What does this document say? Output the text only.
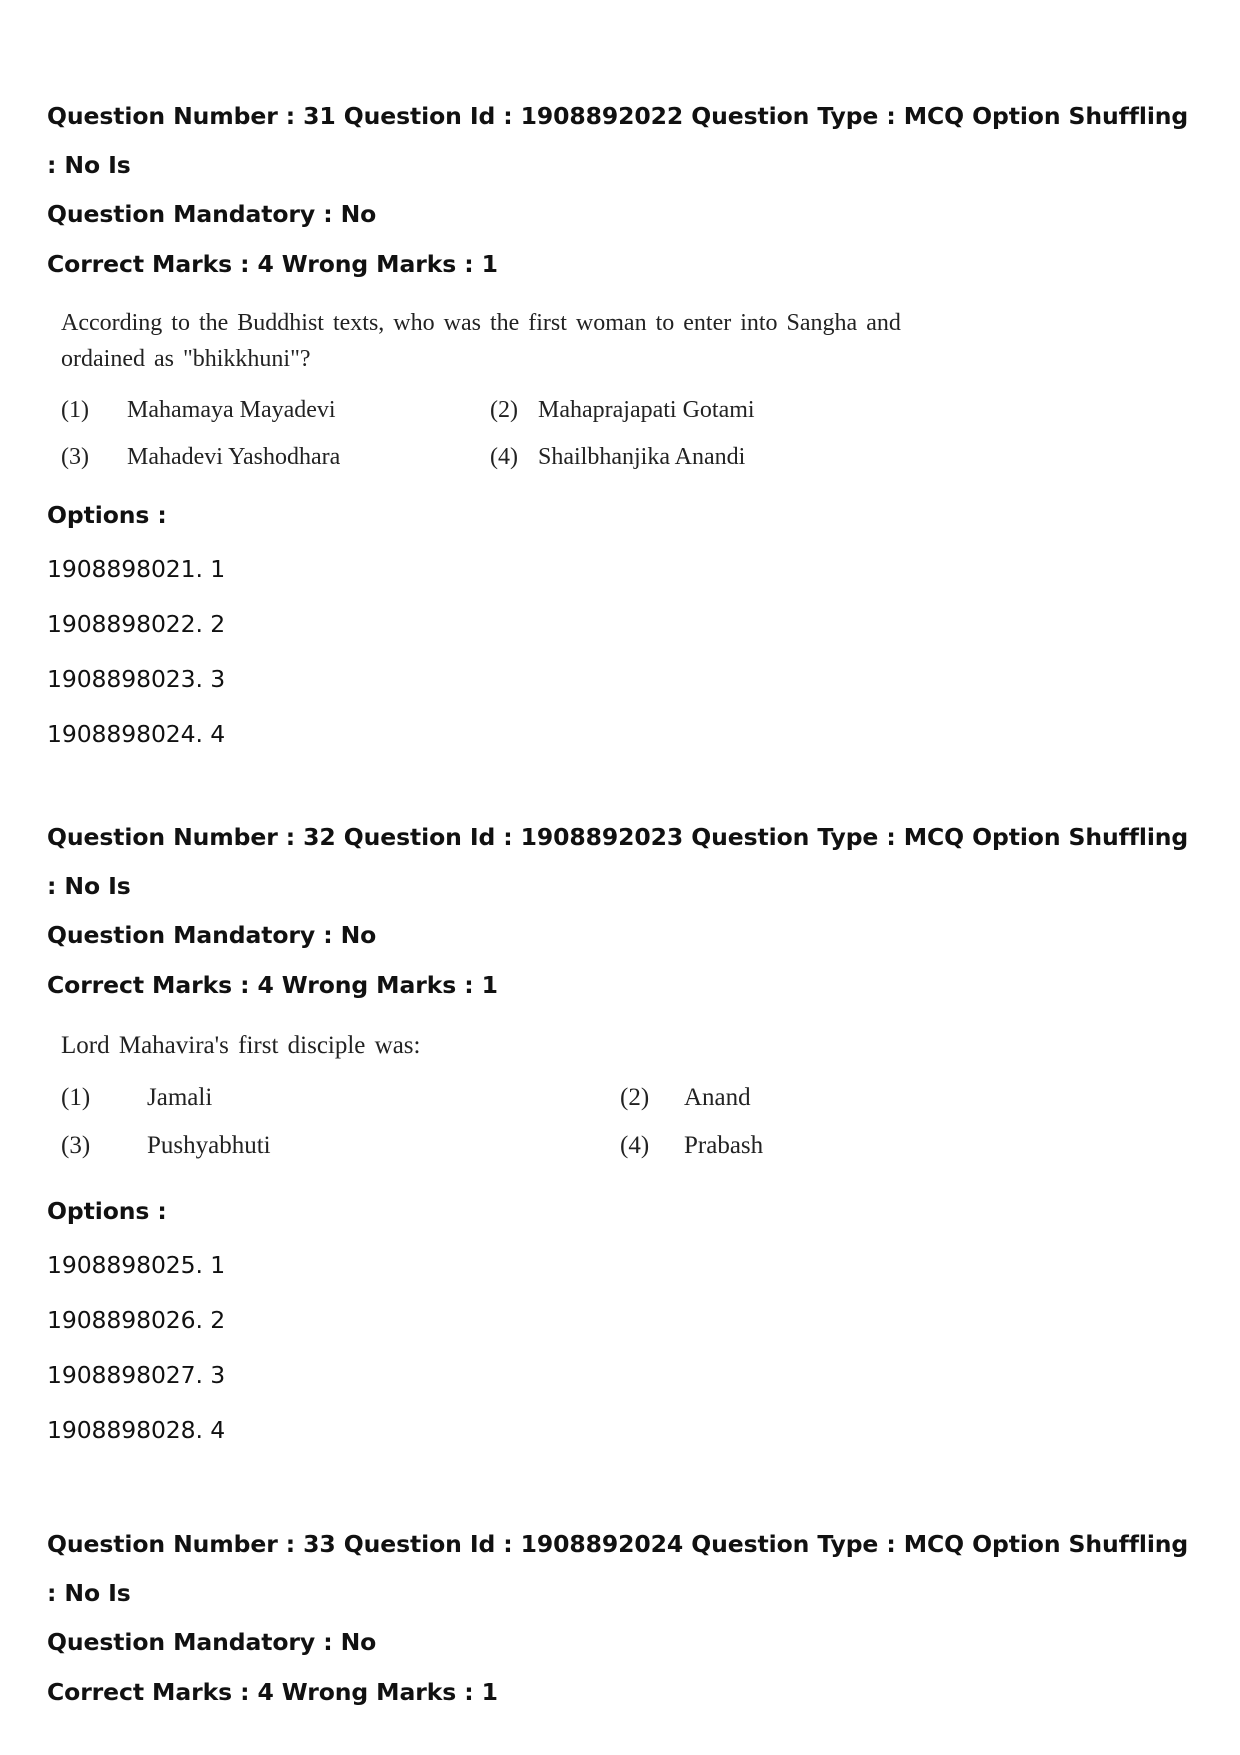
Question Number : 31 Question Id : 1908892022 Question Type : MCQ Option Shuffling : No Is
Question Mandatory : No
Correct Marks : 4 Wrong Marks : 1
According to the Buddhist texts, who was the first woman to enter into Sangha and
ordained as "bhikkhuni"?
(1) Mahamaya Mayadevi	(2) Mahaprajapati Gotami
(3) Mahadevi Yashodhara	(4) Shailbhanjika Anandi
Options :
1908898021. 1
1908898022. 2
1908898023. 3
1908898024. 4
Question Number : 32 Question Id : 1908892023 Question Type : MCQ Option Shuffling : No Is
Question Mandatory : No
Correct Marks : 4 Wrong Marks : 1
Lord Mahavira's first disciple was:
(1) Jamali	(2) Anand
(3) Pushyabhuti	(4) Prabash
Options :
1908898025. 1
1908898026. 2
1908898027. 3
1908898028. 4
Question Number : 33 Question Id : 1908892024 Question Type : MCQ Option Shuffling : No Is
Question Mandatory : No
Correct Marks : 4 Wrong Marks : 1
